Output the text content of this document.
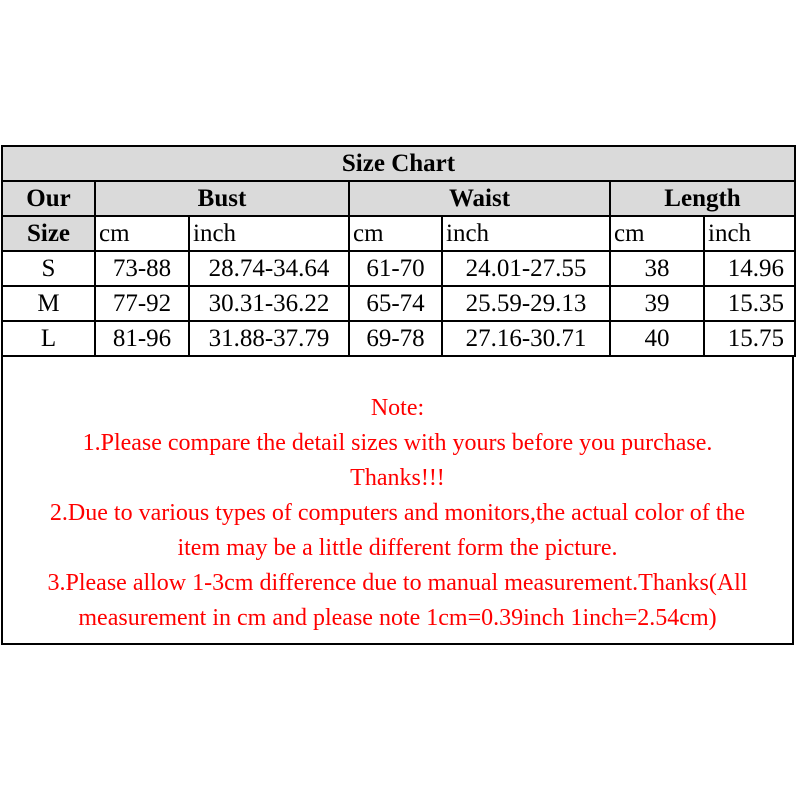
Size Chart						
Our	Bust		Waist		Length	
Size	cm	inch	cm	inch	cm	inch
S	73-88	28.74-34.64	61-70	24.01-27.55	38	14.96
M	77-92	30.31-36.22	65-74	25.59-29.13	39	15.35
L	81-96	31.88-37.79	69-78	27.16-30.71	40	15.75
Note:
1.Please compare the detail sizes with yours before you purchase.
Thanks!!!
2.Due to various types of computers and monitors,the actual color of the
item may be a little different form the picture.
3.Please allow 1-3cm difference due to manual measurement.Thanks(All
measurement in cm and please note 1cm=0.39inch 1inch=2.54cm)
